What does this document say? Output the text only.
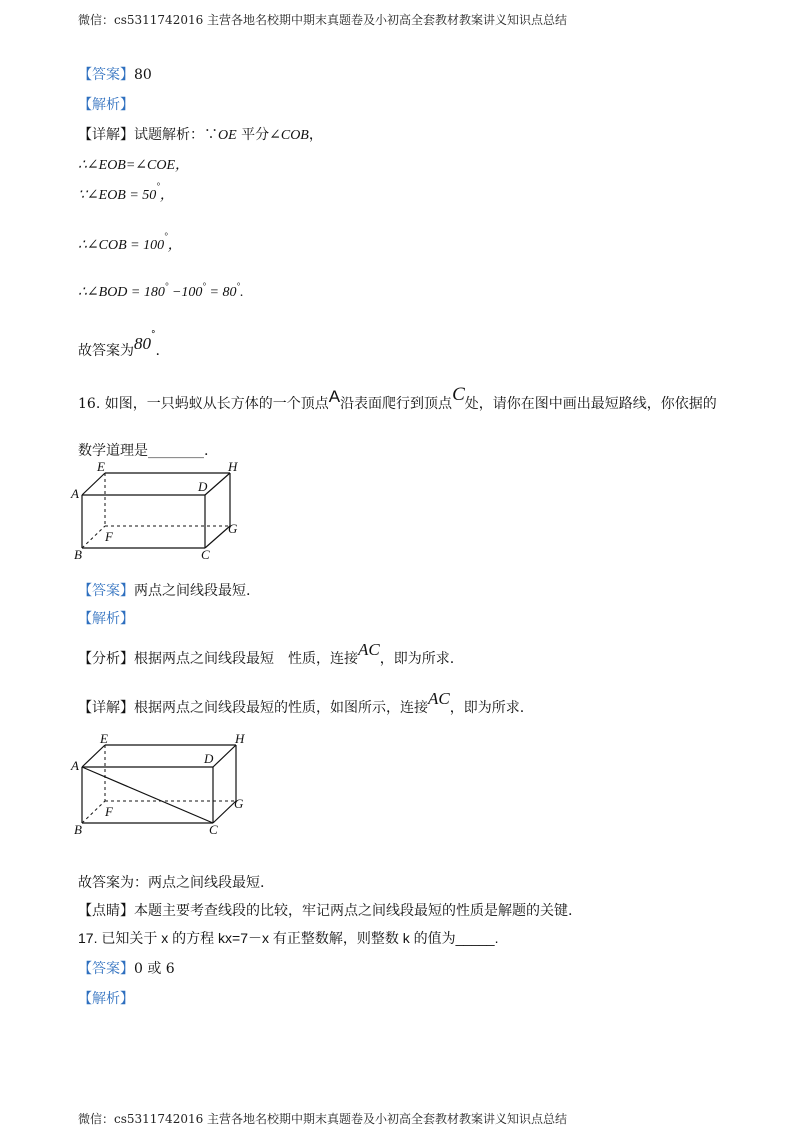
微信：cs5311742016 主营各地名校期中期末真题卷及小初高全套教材教案讲义知识点总结
【答案】80
【解析】
【详解】试题解析：∵OE 平分∠COB，
∴∠EOB=∠COE，
∵∠EOB = 50°，
∴∠COB = 100°，
∴∠BOD = 180° −100° = 80°.
故答案为80°.
16. 如图，一只蚂蚁从长方体的一个顶点A沿表面爬行到顶点C处，请你在图中画出最短路线，你依据的
数学道理是________.
A
E	H
D
G
F
B	C
【答案】两点之间线段最短.
【解析】
【分析】根据两点之间线段最短　性质，连接AC，即为所求.
【详解】根据两点之间线段最短的性质，如图所示，连接AC，即为所求.
A
E	H
D
G
F
B	C
故答案为：两点之间线段最短.
【点睛】本题主要考查线段的比较，牢记两点之间线段最短的性质是解题的关键.
17. 已知关于 x 的方程 kx=7－x 有正整数解，则整数 k 的值为_____.
【答案】0 或 6
【解析】
微信：cs5311742016 主营各地名校期中期末真题卷及小初高全套教材教案讲义知识点总结
